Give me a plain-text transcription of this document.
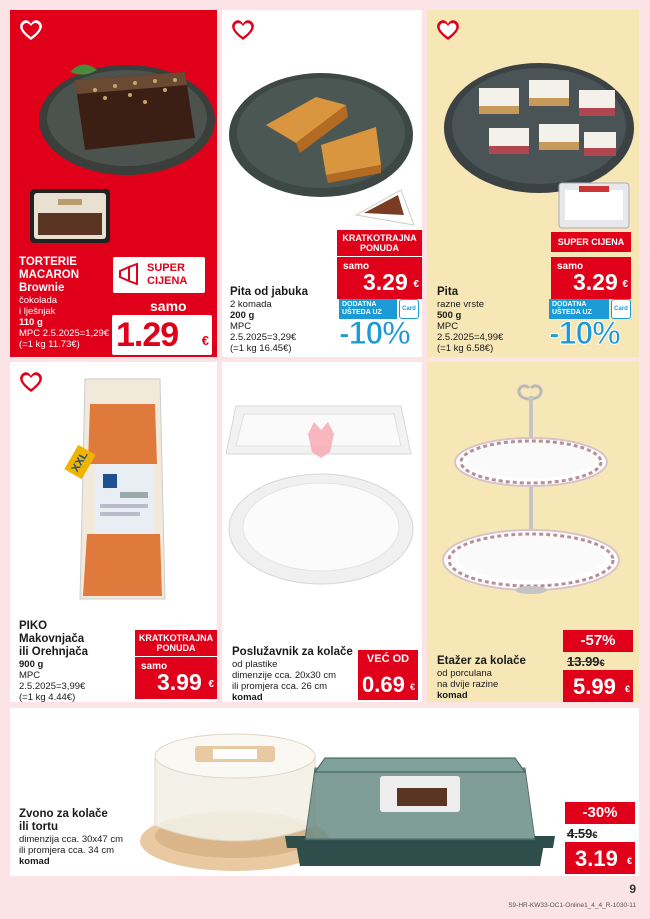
TORTERIE
MACARON
Brownie
čokolada
i lješnjak
110 g
MPC 2.5.2025=1,29€
(=1 kg 11.73€)
SUPER
CIJENA
samo
1.29 €
Pita od jabuka
2 komada
200 g
MPC
2.5.2025=3,29€
(=1 kg 16.45€)
KRATKOTRAJNA
PONUDA
samo
3.29 €
DODATNA
UŠTEDA UZ	Card
-10%
Pita
razne vrste
500 g
MPC
2.5.2025=4,99€
(=1 kg 6.58€)
SUPER CIJENA
samo
3.29 €
DODATNA
UŠTEDA UZ	Card
-10%
XXL
PIKO
Makovnjača
ili Orehnjača
900 g
MPC
2.5.2025=3,99€
(=1 kg 4.44€)
KRATKOTRAJNA
PONUDA
samo
3.99 €
Poslužavnik za kolače
od plastike
dimenzije cca. 20x30 cm
ili promjera cca. 26 cm
komad
VEĆ OD
0.69 €
Etažer za kolače
od porculana
na dvije razine
komad
-57%
13.99€
5.99 €
Zvono za kolače
ili tortu
dimenzija cca. 30x47 cm
ili promjera cca. 34 cm
komad
-30%
4.59€
3.19 €
9
S9-HR-KW33-OC1-Online1_4_4_R-1030-11
